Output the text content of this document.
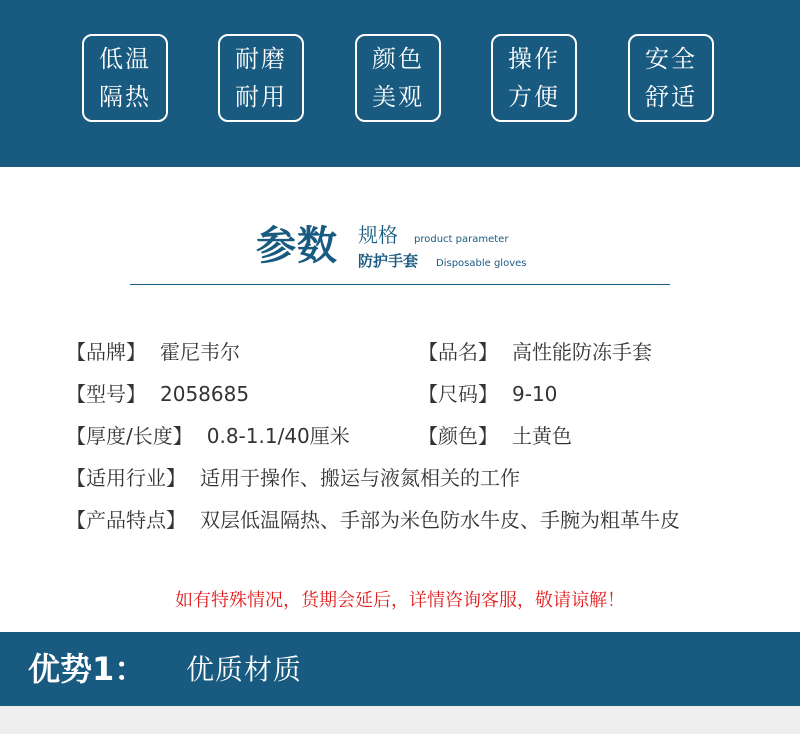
低温
隔热
耐磨
耐用
颜色
美观
操作
方便
安全
舒适
参数 规格 product parameter
防护手套 Disposable gloves
【品牌】 霍尼韦尔	【品名】 高性能防冻手套
【型号】 2058685	【尺码】 9-10
【厚度/长度】 0.8-1.1/40厘米	【颜色】 土黄色
【适用行业】 适用于操作、搬运与液氮相关的工作
【产品特点】 双层低温隔热、手部为米色防水牛皮、手腕为粗革牛皮
如有特殊情况，货期会延后，详情咨询客服，敬请谅解！
优势1： 优质材质
